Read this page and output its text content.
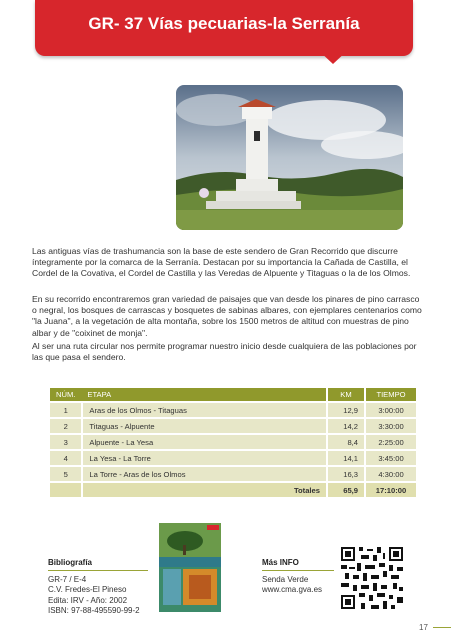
GR- 37 Vías pecuarias-la Serranía

Las antiguas vías de trashumancia son la base de este sendero de Gran Recorrido que discurre íntegramente por la comarca de la Serranía. Destacan por su importancia la Cañada de Castilla, el Cordel de la Covativa, el Cordel de Castilla y las Veredas de Alpuente y Titaguas o la de los Olmos.

En su recorrido encontraremos gran variedad de paisajes que van desde los pinares de pino carrasco o negral, los bosques de carrascas y bosquetes de sabinas albares, con ejemplares centenarios como "la Juana", a la vegetación de alta montaña, sobre los 1500 metros de altitud con muestras de pino albar y de "coixinet de monja".

Al ser una ruta circular nos permite programar nuestro inicio desde cualquiera de las poblaciones por las que pasa el sendero.

NÚM.	ETAPA	KM	TIEMPO
1	Aras de los Olmos - Titaguas	12,9	3:00:00
2	Titaguas - Alpuente	14,2	3:30:00
3	Alpuente - La Yesa	8,4	2:25:00
4	La Yesa - La Torre	14,1	3:45:00
5	La Torre - Aras de los Olmos	16,3	4:30:00
	Totales	65,9	17:10:00
Bibliografía
GR-7 / E-4
C.V. Fredes-El Pineso
Edita: IRV - Año: 2002
ISBN: 97-88-495590-99-2
Más INFO
Senda Verde
www.cma.gva.es
17
